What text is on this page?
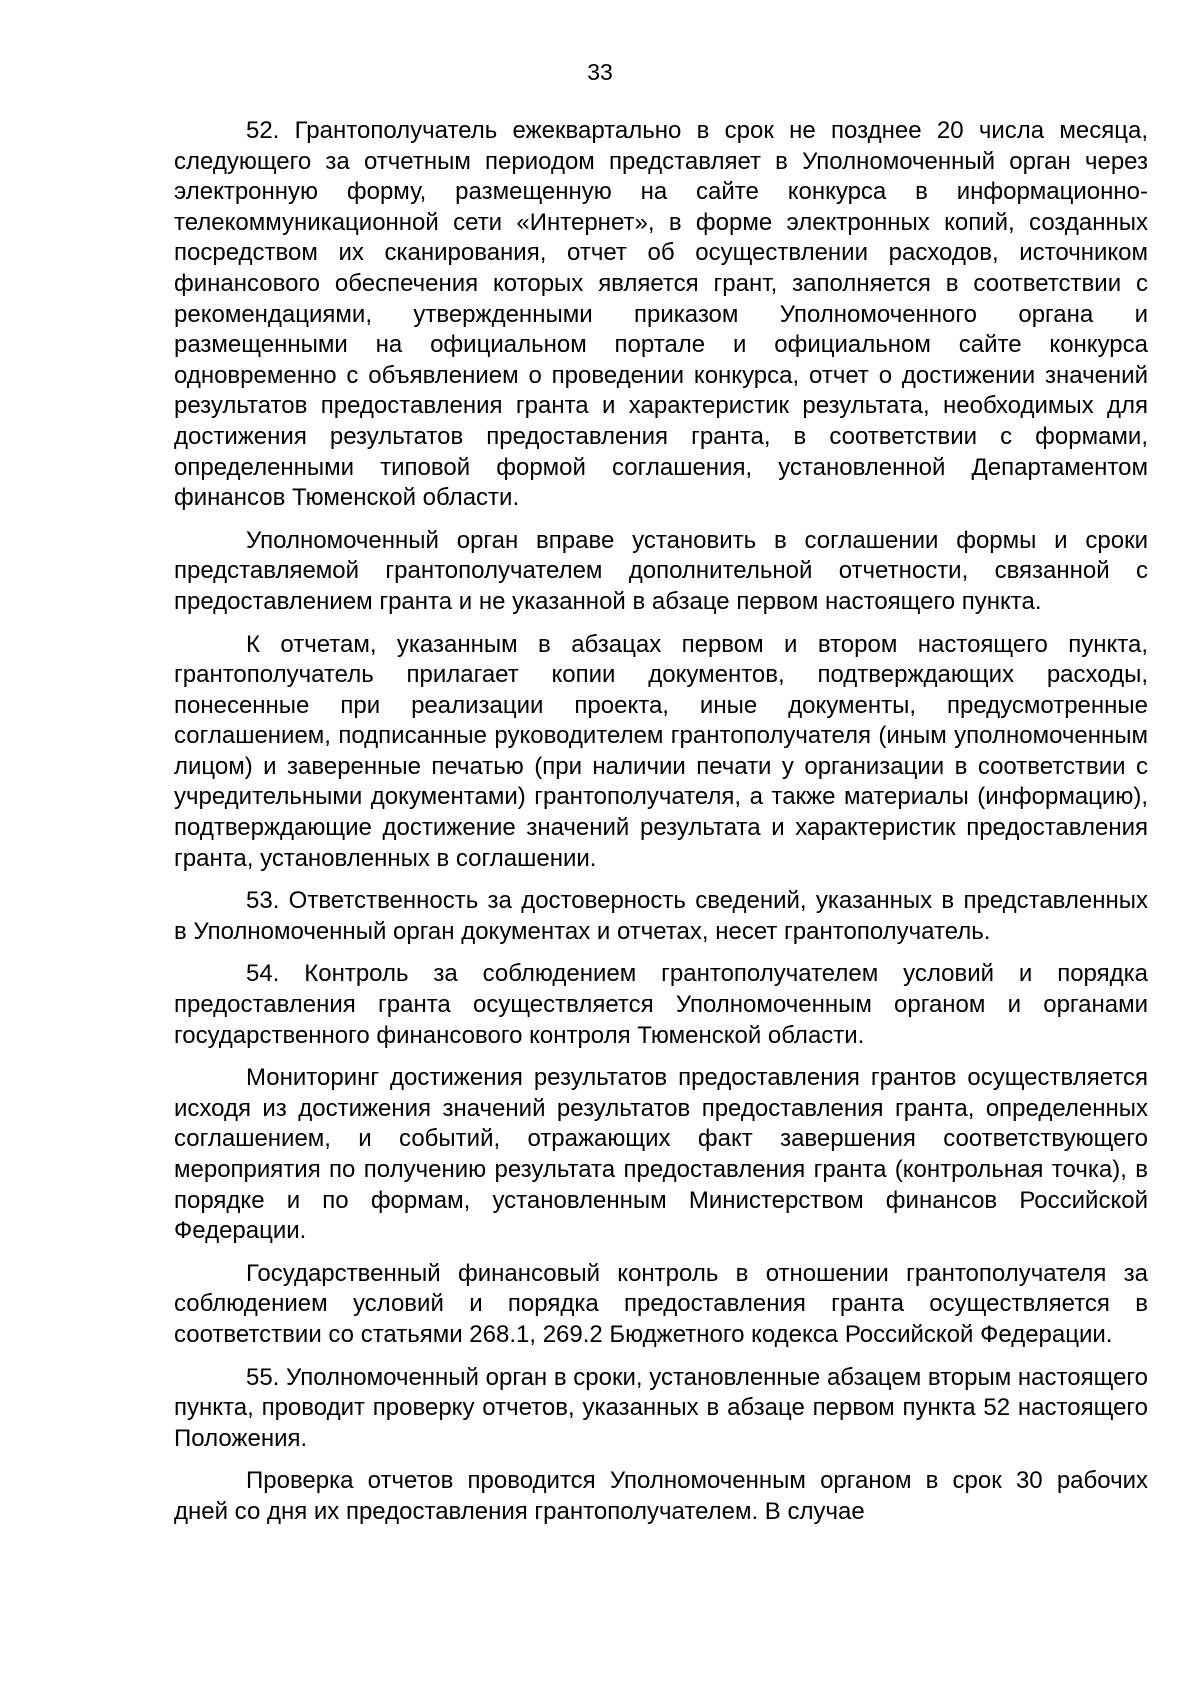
33

52. Грантополучатель ежеквартально в срок не позднее 20 числа месяца, следующего за отчетным периодом представляет в Уполномоченный орган через электронную форму, размещенную на сайте конкурса в информационно-телекоммуникационной сети «Интернет», в форме электронных копий, созданных посредством их сканирования, отчет об осуществлении расходов, источником финансового обеспечения которых является грант, заполняется в соответствии с рекомендациями, утвержденными приказом Уполномоченного органа и размещенными на официальном портале и официальном сайте конкурса одновременно с объявлением о проведении конкурса, отчет о достижении значений результатов предоставления гранта и характеристик результата, необходимых для достижения результатов предоставления гранта, в соответствии с формами, определенными типовой формой соглашения, установленной Департаментом финансов Тюменской области.

Уполномоченный орган вправе установить в соглашении формы и сроки представляемой грантополучателем дополнительной отчетности, связанной с предоставлением гранта и не указанной в абзаце первом настоящего пункта.

К отчетам, указанным в абзацах первом и втором настоящего пункта, грантополучатель прилагает копии документов, подтверждающих расходы, понесенные при реализации проекта, иные документы, предусмотренные соглашением, подписанные руководителем грантополучателя (иным уполномоченным лицом) и заверенные печатью (при наличии печати у организации в соответствии с учредительными документами) грантополучателя, а также материалы (информацию), подтверждающие достижение значений результата и характеристик предоставления гранта, установленных в соглашении.

53. Ответственность за достоверность сведений, указанных в представленных в Уполномоченный орган документах и отчетах, несет грантополучатель.

54. Контроль за соблюдением грантополучателем условий и порядка предоставления гранта осуществляется Уполномоченным органом и органами государственного финансового контроля Тюменской области.

Мониторинг достижения результатов предоставления грантов осуществляется исходя из достижения значений результатов предоставления гранта, определенных соглашением, и событий, отражающих факт завершения соответствующего мероприятия по получению результата предоставления гранта (контрольная точка), в порядке и по формам, установленным Министерством финансов Российской Федерации.

Государственный финансовый контроль в отношении грантополучателя за соблюдением условий и порядка предоставления гранта осуществляется в соответствии со статьями 268.1, 269.2 Бюджетного кодекса Российской Федерации.

55. Уполномоченный орган в сроки, установленные абзацем вторым настоящего пункта, проводит проверку отчетов, указанных в абзаце первом пункта 52 настоящего Положения.

Проверка отчетов проводится Уполномоченным органом в срок 30 рабочих дней со дня их предоставления грантополучателем. В случае
